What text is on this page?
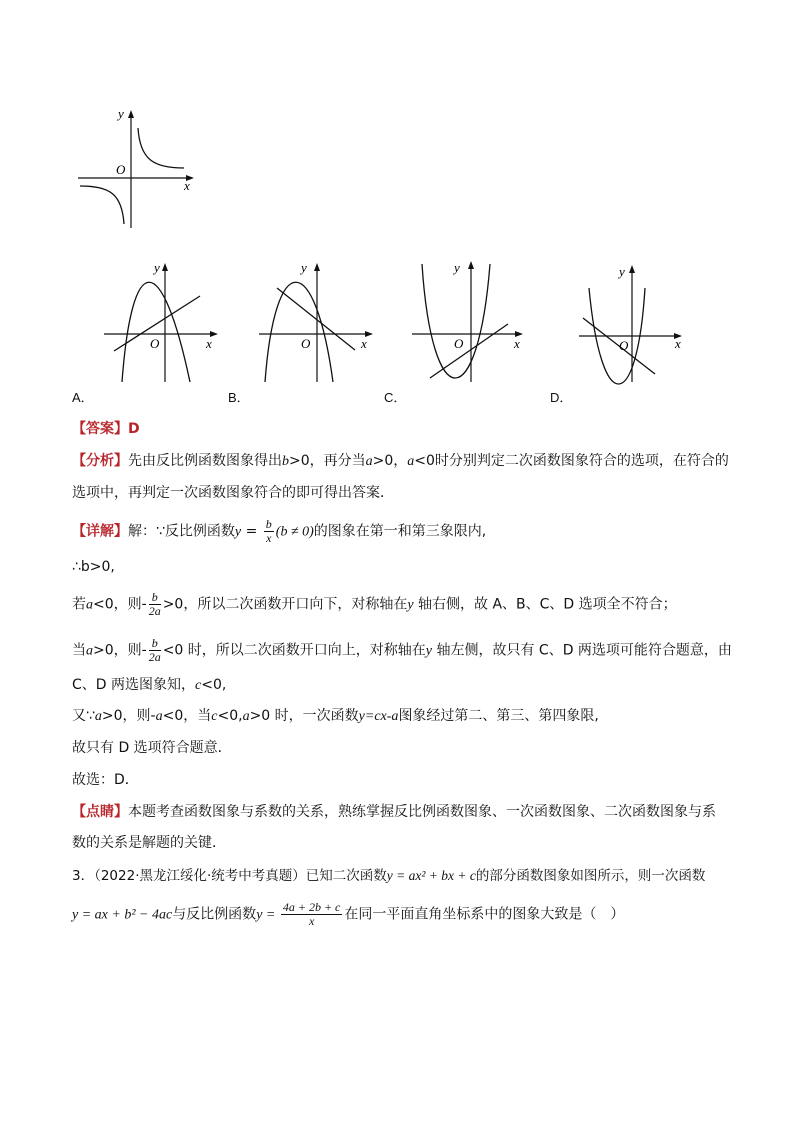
y
x
O
y
x
O
A．
y
x
O
B．
y
x
O
C．
y
x
O
D．
【答案】D
【分析】先由反比例函数图象得出b>0，再分当a>0，a<0时分别判定二次函数图象符合的选项，在符合的
选项中，再判定一次函数图象符合的即可得出答案．
【详解】解：∵反比例函数$y = \frac{b}{x} (b \ne 0)$的图象在第一和第三象限内,
∴b>0,
若a<0，则- $\frac{b}{2a} >0$，所以二次函数开口向下，对称轴在y 轴右侧，故 A、B、C、D 选项全不符合；
当a>0，则- $\frac{b}{2a} <0$ 时，所以二次函数开口向上，对称轴在y 轴左侧，故只有 C、D 两选项可能符合题意，由
C、D 两选图象知，c<0,
又∵a>0，则-a<0，当c<0,a>0 时，一次函数y=cx-a图象经过第二、第三、第四象限,
故只有 D 选项符合题意．
故选：D．
【点睛】本题考查函数图象与系数的关系，熟练掌握反比例函数图象、一次函数图象、二次函数图象与系
数的关系是解题的关键．
3．（2022·黑龙江绥化·统考中考真题）已知二次函数y = ax² + bx + c的部分函数图象如图所示，则一次函数
y = ax + b² − 4ac与反比例函数$y = \frac{4a + 2b + c}{x}$ 在同一平面直角坐标系中的图象大致是（　）
